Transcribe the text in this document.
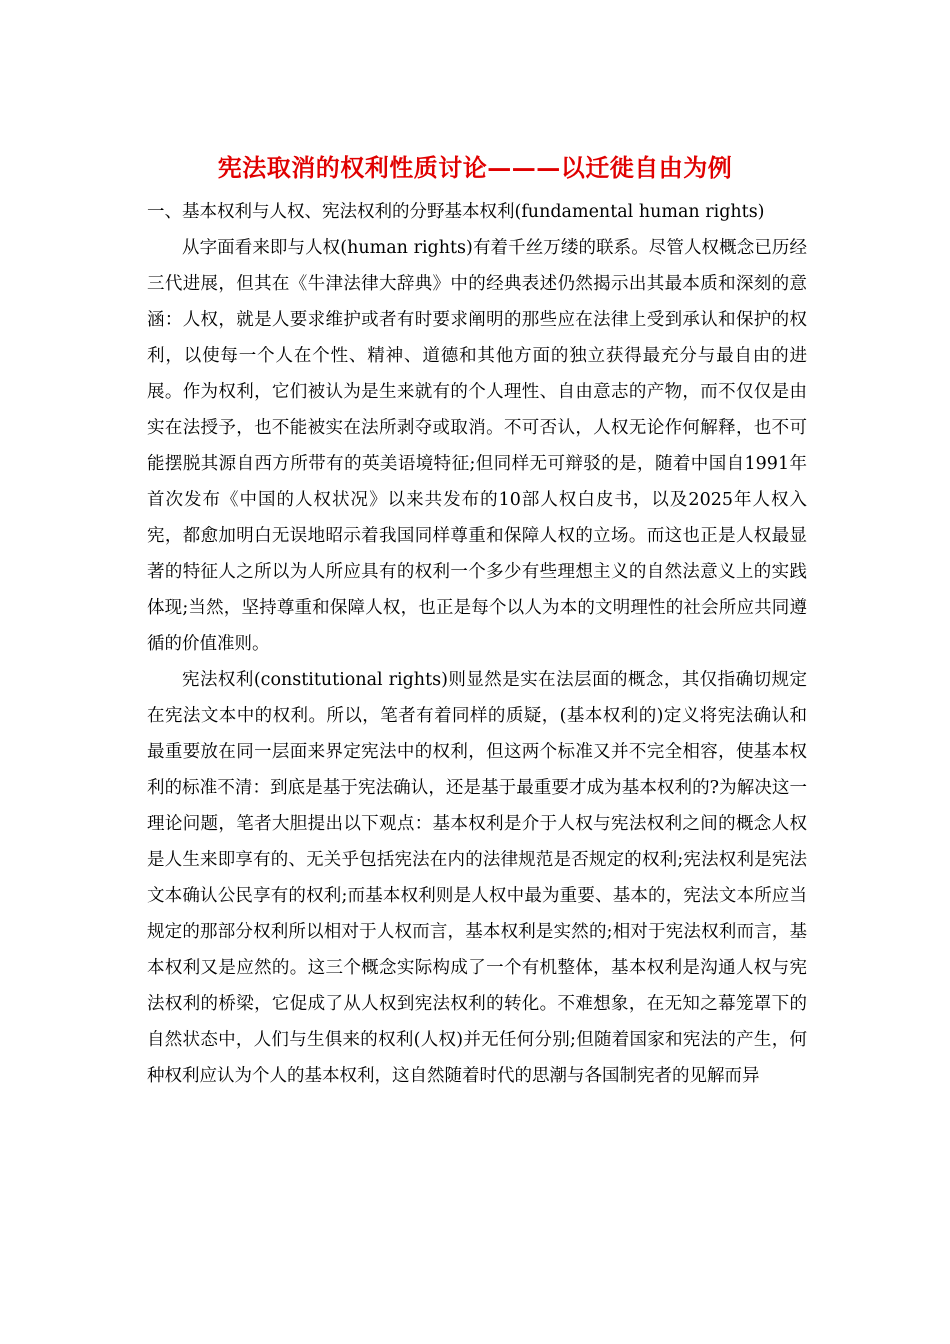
宪法取消的权利性质讨论———以迁徙自由为例

一、基本权利与人权、宪法权利的分野基本权利(fundamental human rights)

从字面看来即与人权(human rights)有着千丝万缕的联系。尽管人权概念已历经三代进展，但其在《牛津法律大辞典》中的经典表述仍然揭示出其最本质和深刻的意涵：人权，就是人要求维护或者有时要求阐明的那些应在法律上受到承认和保护的权利，以使每一个人在个性、精神、道德和其他方面的独立获得最充分与最自由的进展。作为权利，它们被认为是生来就有的个人理性、自由意志的产物，而不仅仅是由实在法授予，也不能被实在法所剥夺或取消。不可否认，人权无论作何解释，也不可能摆脱其源自西方所带有的英美语境特征;但同样无可辩驳的是，随着中国自1991年首次发布《中国的人权状况》以来共发布的10部人权白皮书，以及2025年人权入宪，都愈加明白无误地昭示着我国同样尊重和保障人权的立场。而这也正是人权最显著的特征人之所以为人所应具有的权利一个多少有些理想主义的自然法意义上的实践体现;当然，坚持尊重和保障人权，也正是每个以人为本的文明理性的社会所应共同遵循的价值准则。

宪法权利(constitutional rights)则显然是实在法层面的概念，其仅指确切规定在宪法文本中的权利。所以，笔者有着同样的质疑，(基本权利的)定义将宪法确认和最重要放在同一层面来界定宪法中的权利，但这两个标准又并不完全相容，使基本权利的标准不清：到底是基于宪法确认，还是基于最重要才成为基本权利的?为解决这一理论问题，笔者大胆提出以下观点：基本权利是介于人权与宪法权利之间的概念人权是人生来即享有的、无关乎包括宪法在内的法律规范是否规定的权利;宪法权利是宪法文本确认公民享有的权利;而基本权利则是人权中最为重要、基本的，宪法文本所应当规定的那部分权利所以相对于人权而言，基本权利是实然的;相对于宪法权利而言，基本权利又是应然的。这三个概念实际构成了一个有机整体，基本权利是沟通人权与宪法权利的桥梁，它促成了从人权到宪法权利的转化。不难想象，在无知之幕笼罩下的自然状态中，人们与生俱来的权利(人权)并无任何分别;但随着国家和宪法的产生，何种权利应认为个人的基本权利，这自然随着时代的思潮与各国制宪者的见解而异
